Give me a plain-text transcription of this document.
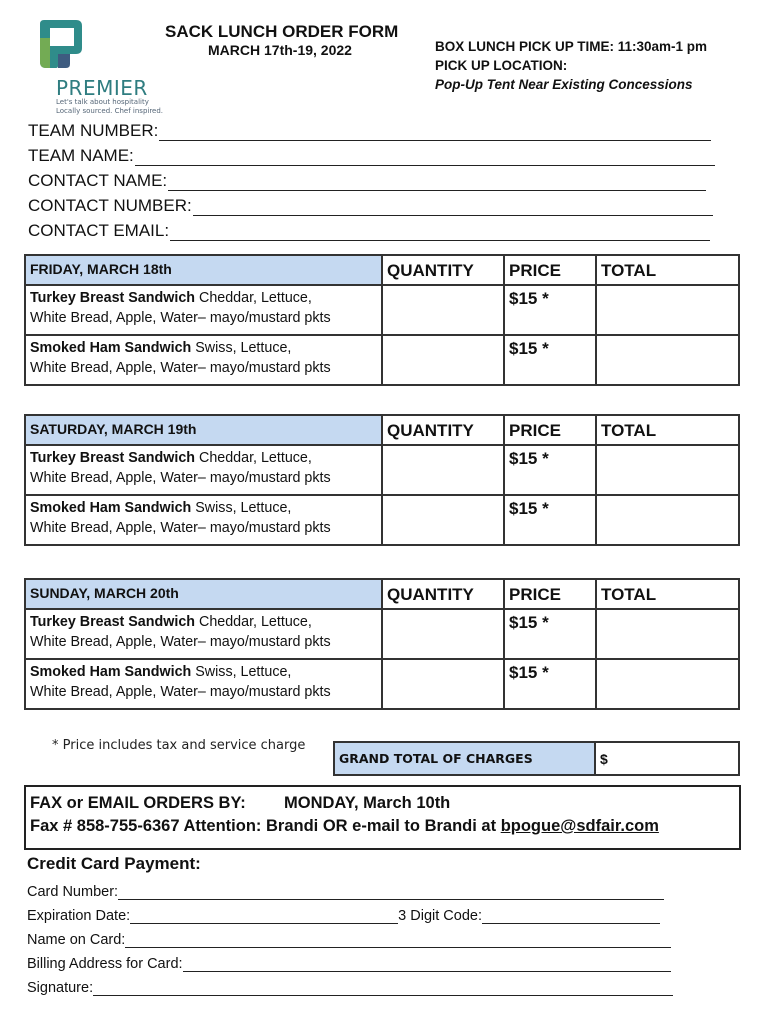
PREMIER
Let's talk about hospitality
Locally sourced. Chef inspired.
SACK LUNCH ORDER FORM
MARCH 17th-19, 2022	BOX LUNCH PICK UP TIME: 11:30am-1 pm
PICK UP LOCATION:
Pop-Up Tent Near Existing Concessions
TEAM NUMBER:
TEAM NAME:
CONTACT NAME:
CONTACT NUMBER:
CONTACT EMAIL:
FRIDAY, MARCH 18th	QUANTITY	PRICE	TOTAL
Turkey Breast Sandwich Cheddar, Lettuce,
White Bread, Apple, Water– mayo/mustard pkts		$15 *	
Smoked Ham Sandwich Swiss, Lettuce,
White Bread, Apple, Water– mayo/mustard pkts		$15 *	
SATURDAY, MARCH 19th	QUANTITY	PRICE	TOTAL
Turkey Breast Sandwich Cheddar, Lettuce,
White Bread, Apple, Water– mayo/mustard pkts		$15 *	
Smoked Ham Sandwich Swiss, Lettuce,
White Bread, Apple, Water– mayo/mustard pkts		$15 *	
SUNDAY, MARCH 20th	QUANTITY	PRICE	TOTAL
Turkey Breast Sandwich Cheddar, Lettuce,
White Bread, Apple, Water– mayo/mustard pkts		$15 *	
Smoked Ham Sandwich Swiss, Lettuce,
White Bread, Apple, Water– mayo/mustard pkts		$15 *	
* Price includes tax and service charge
GRAND TOTAL OF CHARGES	$
FAX or EMAIL ORDERS BY: MONDAY, March 10th
Fax # 858-755-6367 Attention: Brandi OR e-mail to Brandi at bpogue@sdfair.com
Credit Card Payment:
Card Number:
Expiration Date:	3 Digit Code:
Name on Card:
Billing Address for Card:
Signature:
